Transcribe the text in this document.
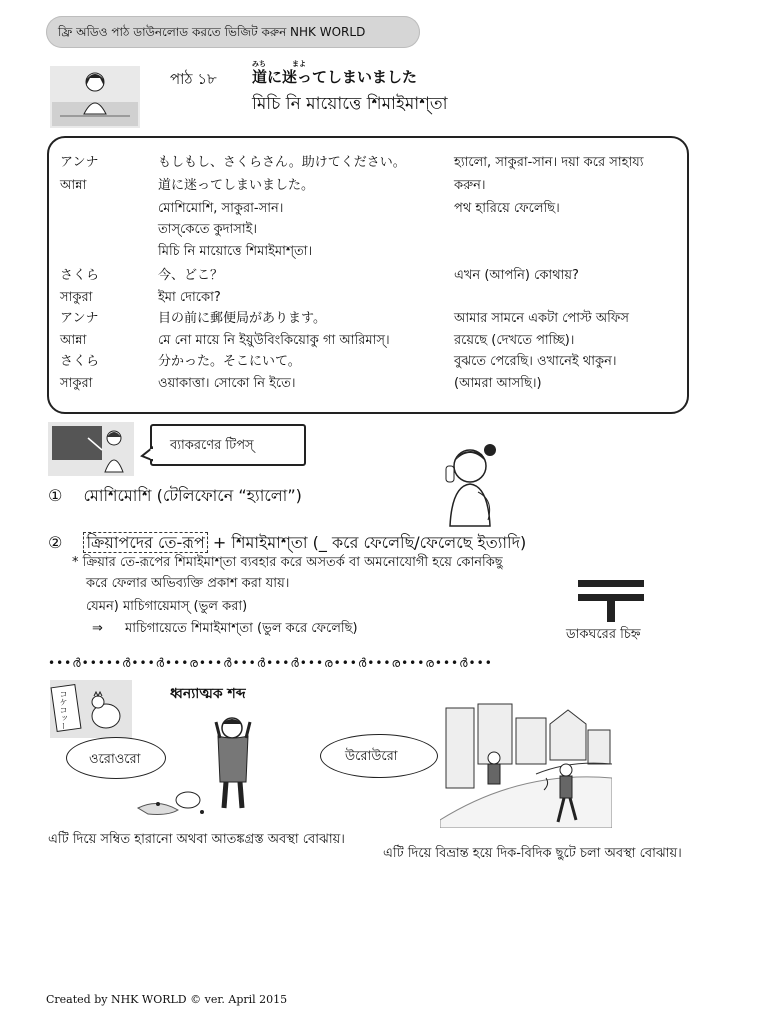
ফ্রি অডিও পাঠ ডাউনলোড করতে ভিজিট করুন NHK WORLD
পাঠ ১৮
みち	まよ
道に迷ってしまいました
মিচি নি মায়োত্তে শিমাইমাশ্‌তা
アンナ	もしもし、さくらさん。助けてください。	হ্যালো, সাকুরা-সান। দয়া করে সাহায্য
আন্না	道に迷ってしまいました。	করুন।
মোশিমোশি, সাকুরা-সান।	পথ হারিয়ে ফেলেছি।
তাস্‌কেতে কুদাসাই।
মিচি নি মায়োত্তে শিমাইমাশ্‌তা।
さくら	今、どこ？	এখন (আপনি) কোথায়?
সাকুরা	ইমা দোকো?
アンナ	目の前に郵便局があります。	আমার সামনে একটা পোস্ট অফিস
আন্না	মে নো মায়ে নি ইয়ুউবিংকিয়োকু গা আরিমাস্‌।	রয়েছে (দেখতে পাচ্ছি)।
さくら	分かった。そこにいて。	বুঝতে পেরেছি। ওখানেই থাকুন।
সাকুরা	ওয়াকাত্তা। সোকো নি ইতে।	(আমরা আসছি।)
ব্যাকরণের টিপস্‌
① মোশিমোশি (টেলিফোনে “হ্যালো”)
② ক্রিয়াপদের তে-রূপ + শিমাইমাশ্‌তা (_ করে ফেলেছি/ফেলেছে ইত্যাদি)
* ক্রিয়ার তে-রূপের শিমাইমাশ্‌তা ব্যবহার করে অসতর্ক বা অমনোযোগী হয়ে কোনকিছু
করে ফেলার অভিব্যক্তি প্রকাশ করা যায়।
যেমন) মাচিগায়েমাস্‌ (ভুল করা)
⇒ মাচিগায়েতে শিমাইমাশ্‌তা (ভুল করে ফেলেছি)	ডাকঘরের চিহ্ন
•••ർ•••••ർ•••ർ•••ര•••ർ•••ർ•••ർ•••ര•••ർ•••ര•••ര•••ർ•••
コケコッー	ধ্বন্যাত্মক শব্দ
ওরোওরো	উরোউরো
এটি দিয়ে সম্বিত হারানো অথবা আতঙ্কগ্রস্ত অবস্থা বোঝায়।
এটি দিয়ে বিভ্রান্ত হয়ে দিক-বিদিক ছুটে চলা অবস্থা বোঝায়।
Created by NHK WORLD © ver. April 2015
